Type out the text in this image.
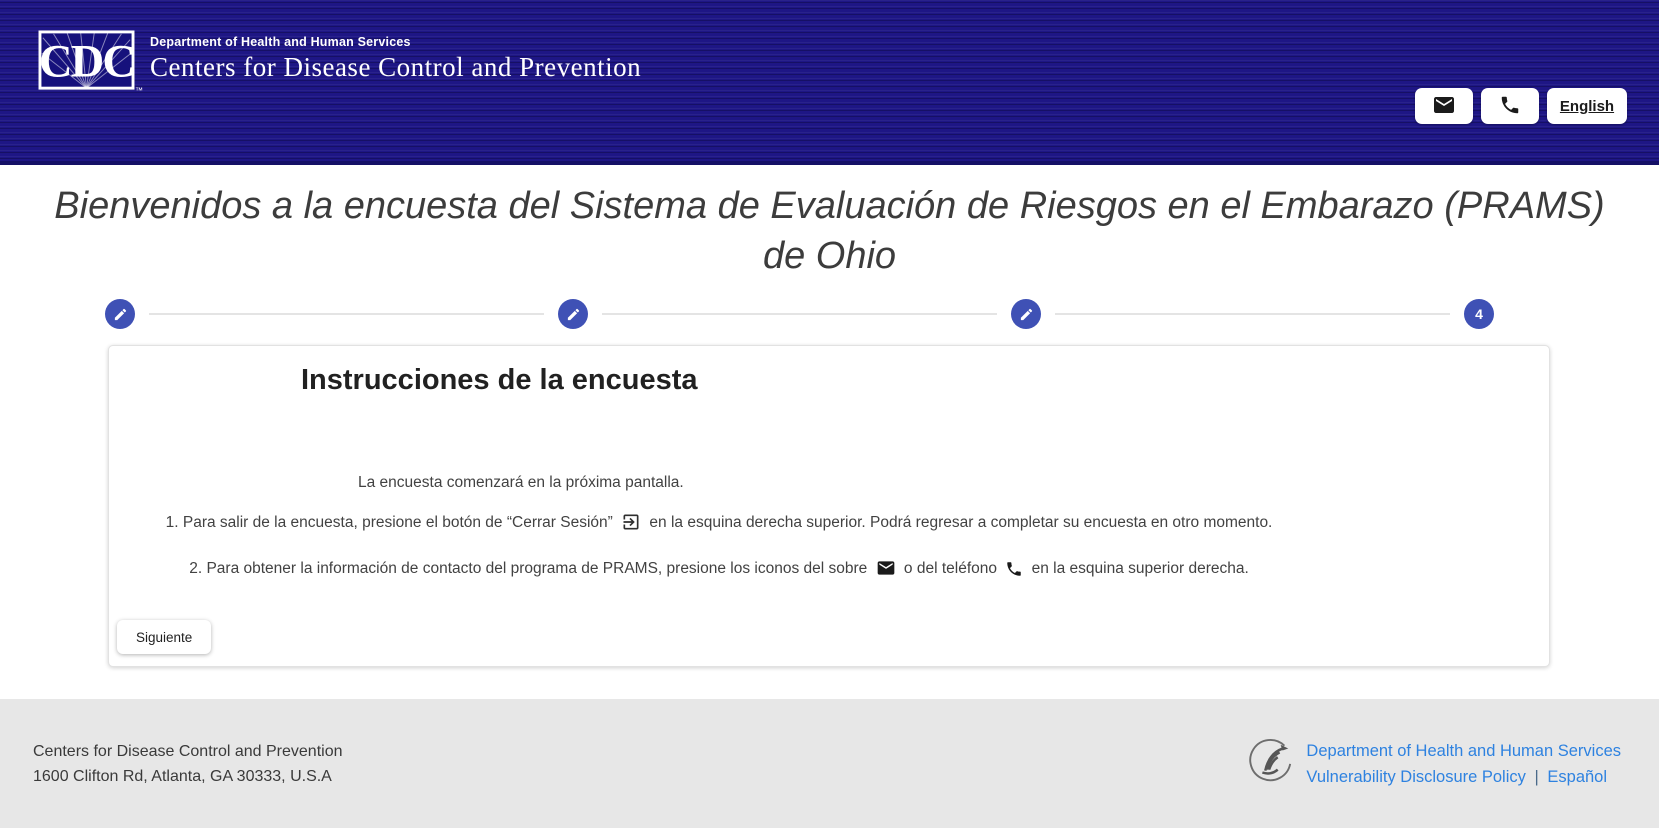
CDC
™
Department of Health and Human Services
Centers for Disease Control and Prevention
English
Bienvenidos a la encuesta del Sistema de Evaluación de Riesgos en el Embarazo (PRAMS) de Ohio
4
Instrucciones de la encuesta

La encuesta comenzará en la próxima pantalla.

1. Para salir de la encuesta, presione el botón de “Cerrar Sesión” en la esquina derecha superior. Podrá regresar a completar su encuesta en otro momento.

2. Para obtener la información de contacto del programa de PRAMS, presione los iconos del sobre o del teléfono en la esquina superior derecha.

Siguiente
Centers for Disease Control and Prevention
1600 Clifton Rd, Atlanta, GA 30333, U.S.A
Department of Health and Human Services
Vulnerability Disclosure Policy | Español
